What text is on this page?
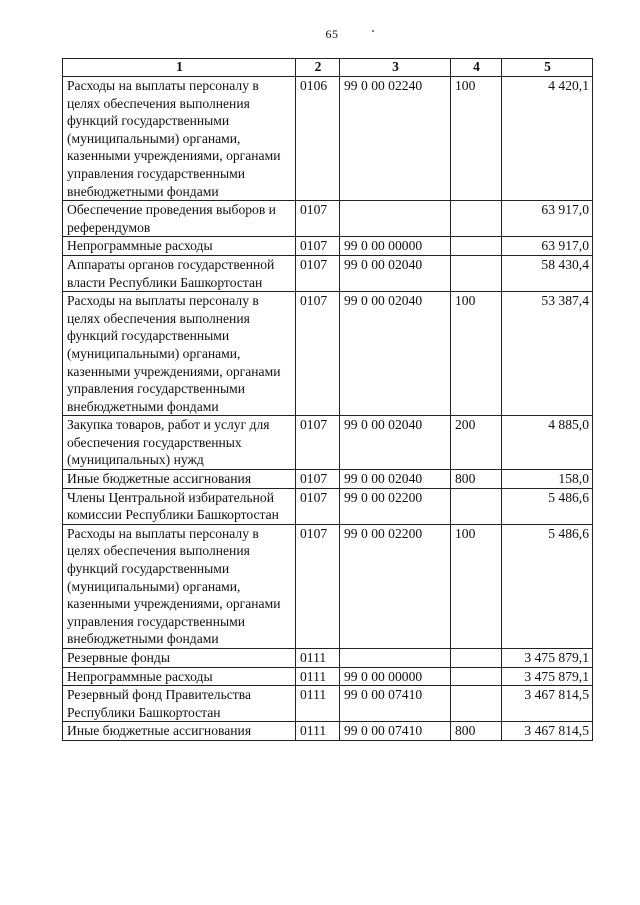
65
1	2	3	4	5
Расходы на выплаты персоналу в целях обеспечения выполнения функций государственными (муниципальными) органами, казенными учреждениями, органами управления государственными внебюджетными фондами	0106	99 0 00 02240	100	4 420,1
Обеспечение проведения выборов и референдумов	0107			63 917,0
Непрограммные расходы	0107	99 0 00 00000		63 917,0
Аппараты органов государственной власти Республики Башкортостан	0107	99 0 00 02040		58 430,4
Расходы на выплаты персоналу в целях обеспечения выполнения функций государственными (муниципальными) органами, казенными учреждениями, органами управления государственными внебюджетными фондами	0107	99 0 00 02040	100	53 387,4
Закупка товаров, работ и услуг для обеспечения государственных (муниципальных) нужд	0107	99 0 00 02040	200	4 885,0
Иные бюджетные ассигнования	0107	99 0 00 02040	800	158,0
Члены Центральной избирательной комиссии Республики Башкортостан	0107	99 0 00 02200		5 486,6
Расходы на выплаты персоналу в целях обеспечения выполнения функций государственными (муниципальными) органами, казенными учреждениями, органами управления государственными внебюджетными фондами	0107	99 0 00 02200	100	5 486,6
Резервные фонды	0111			3 475 879,1
Непрограммные расходы	0111	99 0 00 00000		3 475 879,1
Резервный фонд Правительства Республики Башкортостан	0111	99 0 00 07410		3 467 814,5
Иные бюджетные ассигнования	0111	99 0 00 07410	800	3 467 814,5
